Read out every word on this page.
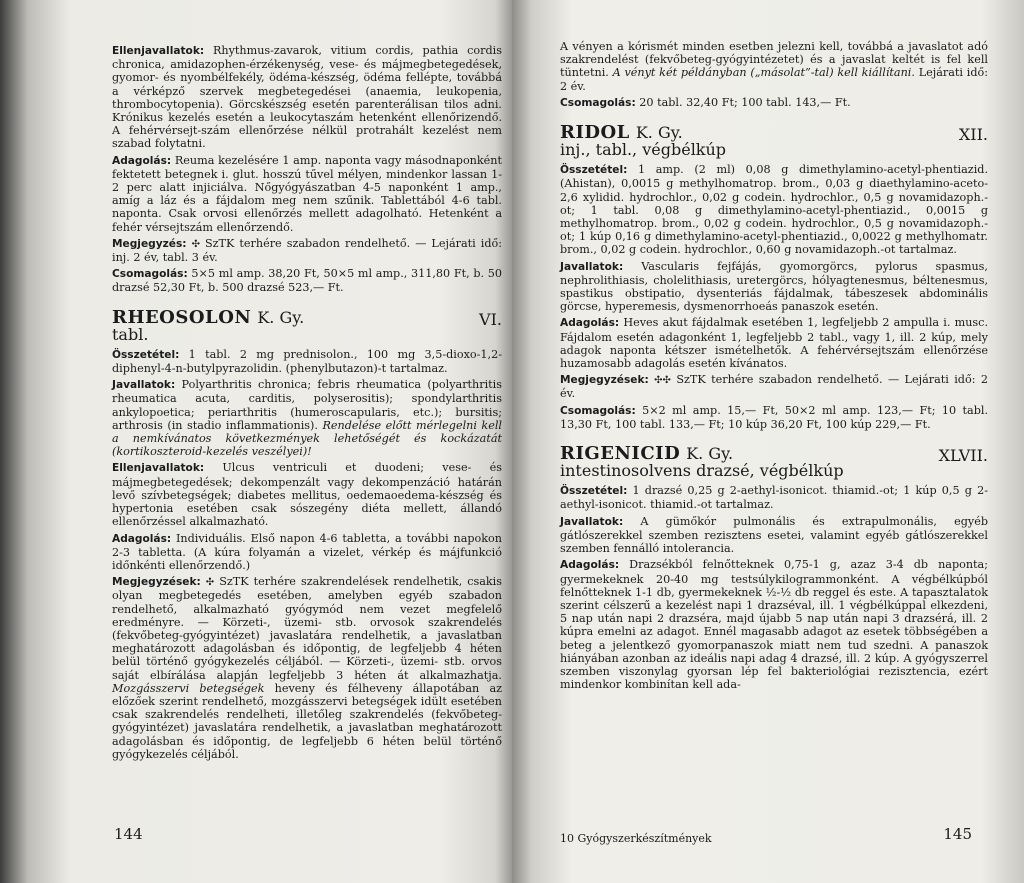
Ellenjavallatok: Rhythmus-zavarok, vitium cordis, pathia cordis chronica, amidazophen-érzékenység, vese- és májmegbetegedések, gyomor- és nyombélfekély, ödéma-készség, ödéma fellépte, továbbá a vérképző szervek megbetegedései (anaemia, leukopenia, thrombocytopenia). Görcskészség esetén parenterálisan tilos adni. Krónikus kezelés esetén a leukocytaszám hetenként ellenőrizendő. A fehérvérsejt-szám ellenőrzése nélkül protrahált kezelést nem szabad folytatni.

Adagolás: Reuma kezelésére 1 amp. naponta vagy másodnaponként fektetett betegnek i. glut. hosszú tűvel mélyen, mindenkor lassan 1-2 perc alatt injiciálva. Nőgyógyászatban 4-5 naponként 1 amp., amíg a láz és a fájdalom meg nem szűnik. Tablettából 4-6 tabl. naponta. Csak orvosi ellenőrzés mellett adagolható. Hetenként a fehér vérsejtszám ellenőrzendő.

Megjegyzés: ✣ SzTK terhére szabadon rendelhető. — Lejárati idő: inj. 2 év, tabl. 3 év.

Csomagolás: 5×5 ml amp. 38,20 Ft, 50×5 ml amp., 311,80 Ft, b. 50 drazsé 52,30 Ft, b. 500 drazsé 523,— Ft.

RHEOSOLON K. Gy.	VI.
tabl.

Összetétel: 1 tabl. 2 mg prednisolon., 100 mg 3,5-dioxo-1,2-diphenyl-4-n-butylpyrazolidin. (phenylbutazon)-t tartalmaz.

Javallatok: Polyarthritis chronica; febris rheumatica (polyarthritis rheumatica acuta, carditis, polyserositis); spondylarthritis ankylopoetica; periarthritis (humeroscapularis, etc.); bursitis; arthrosis (in stadio inflammationis). Rendelése előtt mérlegelni kell a nemkívánatos következmények lehetőségét és kockázatát (kortikoszteroid-kezelés veszélyei)!

Ellenjavallatok: Ulcus ventriculi et duodeni; vese- és májmegbetegedések; dekompenzált vagy dekompenzáció határán levő szívbetegségek; diabetes mellitus, oedemaoedema-készség és hypertonia esetében csak sószegény diéta mellett, állandó ellenőrzéssel alkalmazható.

Adagolás: Individuális. Első napon 4-6 tabletta, a további napokon 2-3 tabletta. (A kúra folyamán a vizelet, vérkép és májfunkció időnkénti ellenőrzendő.)

Megjegyzések: ✣ SzTK terhére szakrendelések rendelhetik, csakis olyan megbetegedés esetében, amelyben egyéb szabadon rendelhető, alkalmazható gyógymód nem vezet megfelelő eredményre. — Körzeti-, üzemi- stb. orvosok szakrendelés (fekvőbeteg-gyógyintézet) javaslatára rendelhetik, a javaslatban meghatározott adagolásban és időpontig, de legfeljebb 4 héten belül történő gyógykezelés céljából. — Körzeti-, üzemi- stb. orvos saját elbírálása alapján legfeljebb 3 héten át alkalmazhatja. Mozgásszervi betegségek heveny és félheveny állapotában az előzőek szerint rendelhető, mozgásszervi betegségek idült esetében csak szakrendelés rendelheti, illetőleg szakrendelés (fekvőbeteg-gyógyintézet) javaslatára rendelhetik, a javaslatban meghatározott adagolásban és időpontig, de legfeljebb 6 héten belül történő gyógykezelés céljából.

144

A vényen a kórismét minden esetben jelezni kell, továbbá a javaslatot adó szakrendelést (fekvőbeteg-gyógyintézetet) és a javaslat keltét is fel kell tüntetni. A vényt két példányban („másolat”-tal) kell kiállítani. Lejárati idő: 2 év.

Csomagolás: 20 tabl. 32,40 Ft; 100 tabl. 143,— Ft.

RIDOL K. Gy.	XII.
inj., tabl., végbélkúp

Összetétel: 1 amp. (2 ml) 0,08 g dimethylamino-acetyl-phentiazid. (Ahistan), 0,0015 g methylhomatrop. brom., 0,03 g diaethylamino-aceto-2,6 xylidid. hydrochlor., 0,02 g codein. hydrochlor., 0,5 g novamidazoph.-ot; 1 tabl. 0,08 g dimethylamino-acetyl-phentiazid., 0,0015 g methylhomatrop. brom., 0,02 g codein. hydrochlor., 0,5 g novamidazoph.-ot; 1 kúp 0,16 g dimethylamino-acetyl-phentiazid., 0,0022 g methylhomatr. brom., 0,02 g codein. hydrochlor., 0,60 g novamidazoph.-ot tartalmaz.

Javallatok: Vascularis fejfájás, gyomorgörcs, pylorus spasmus, nephrolithiasis, cholelithiasis, uretergörcs, hólyagtenesmus, béltenesmus, spastikus obstipatio, dysenteriás fájdalmak, tábeszesek abdominális görcse, hyperemesis, dysmenorrhoeás panaszok esetén.

Adagolás: Heves akut fájdalmak esetében 1, legfeljebb 2 ampulla i. musc. Fájdalom esetén adagonként 1, legfeljebb 2 tabl., vagy 1, ill. 2 kúp, mely adagok naponta kétszer ismételhetők. A fehérvérsejtszám ellenőrzése huzamosabb adagolás esetén kívánatos.

Megjegyzések: ✣✣ SzTK terhére szabadon rendelhető. — Lejárati idő: 2 év.

Csomagolás: 5×2 ml amp. 15,— Ft, 50×2 ml amp. 123,— Ft; 10 tabl. 13,30 Ft, 100 tabl. 133,— Ft; 10 kúp 36,20 Ft, 100 kúp 229,— Ft.

RIGENICID K. Gy.	XLVII.
intestinosolvens drazsé, végbélkúp

Összetétel: 1 drazsé 0,25 g 2-aethyl-isonicot. thiamid.-ot; 1 kúp 0,5 g 2-aethyl-isonicot. thiamid.-ot tartalmaz.

Javallatok: A gümőkór pulmonális és extrapulmonális, egyéb gátlószerekkel szemben rezisztens esetei, valamint egyéb gátlószerekkel szemben fennálló intolerancia.

Adagolás: Drazsékból felnőtteknek 0,75-1 g, azaz 3-4 db naponta; gyermekeknek 20-40 mg testsúlykilogrammonként. A végbélkúpból felnőtteknek 1-1 db, gyermekeknek ½-½ db reggel és este. A tapasztalatok szerint célszerű a kezelést napi 1 drazséval, ill. 1 végbélkúppal elkezdeni, 5 nap után napi 2 drazséra, majd újabb 5 nap után napi 3 drazsérá, ill. 2 kúpra emelni az adagot. Ennél magasabb adagot az esetek többségében a beteg a jelentkező gyomorpanaszok miatt nem tud szedni. A panaszok hiányában azonban az ideális napi adag 4 drazsé, ill. 2 kúp. A gyógyszerrel szemben viszonylag gyorsan lép fel bakteriológiai rezisztencia, ezért mindenkor kombinítan kell ada-

10 Gyógyszerkészítmények	145
